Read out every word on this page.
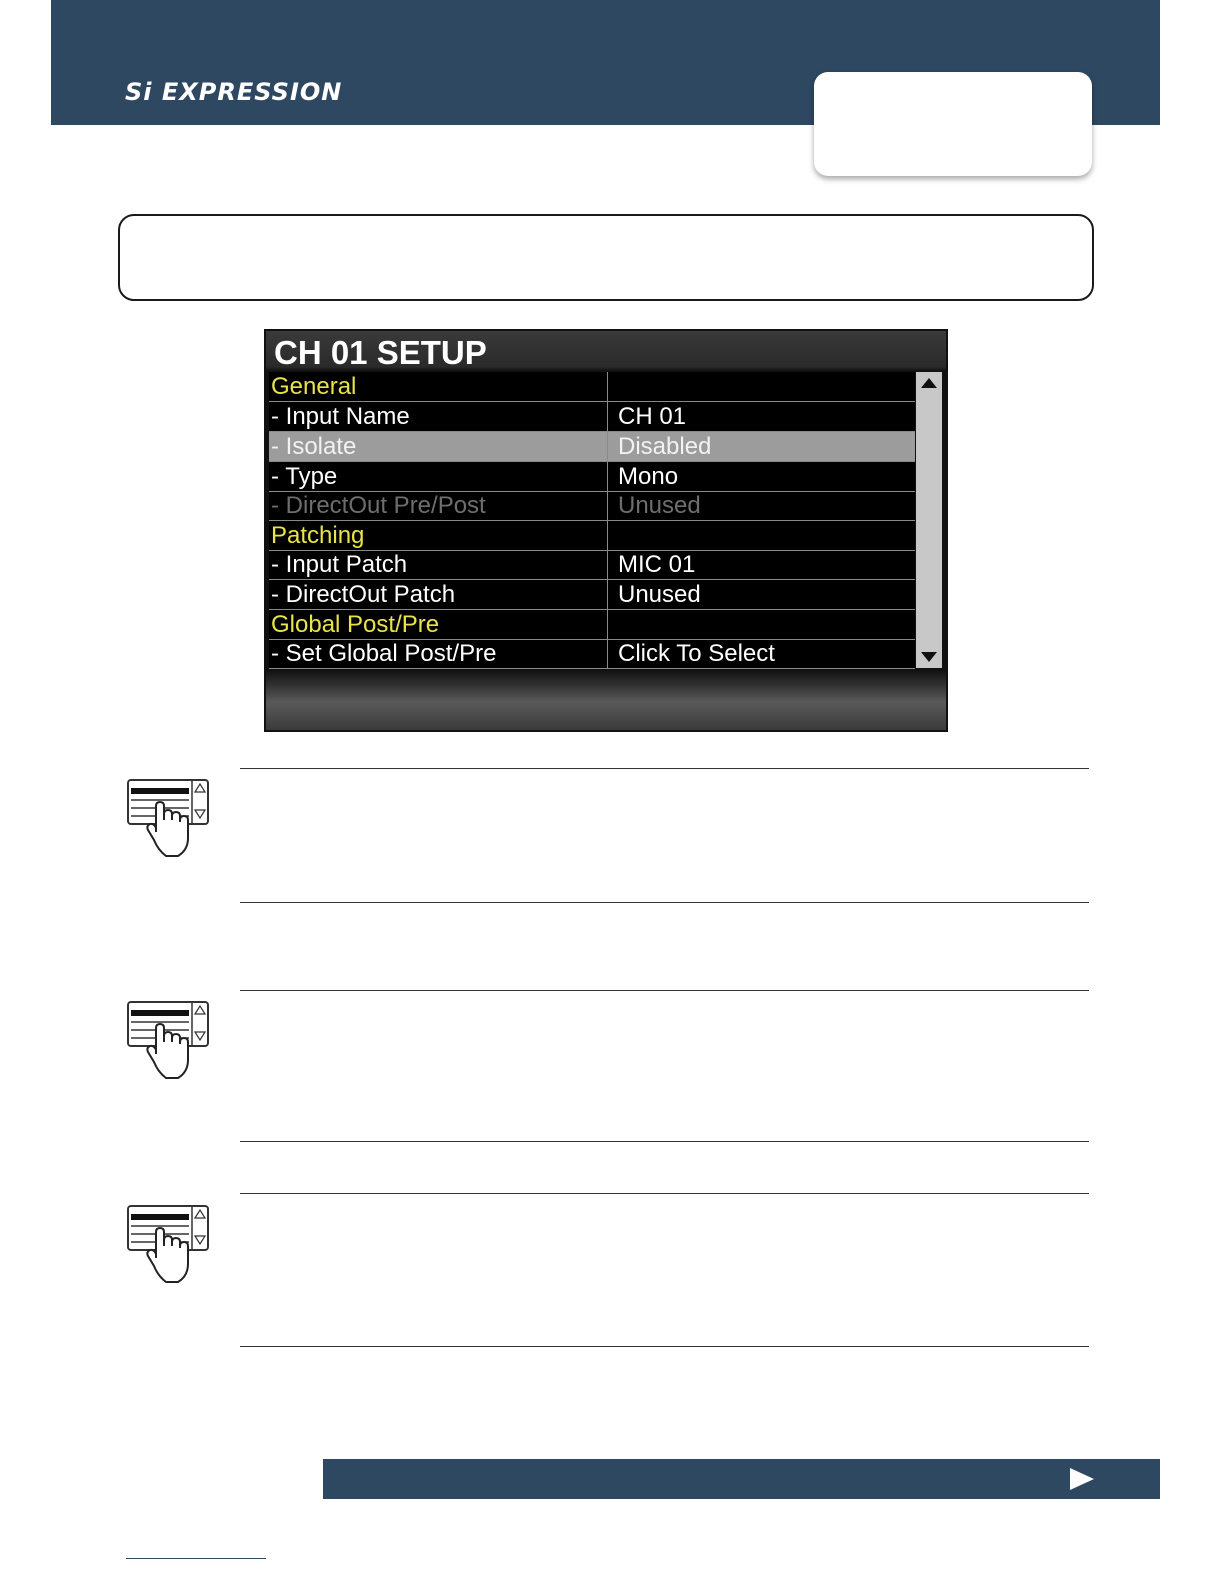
Si EXPRESSION
CH 01 SETUP
General
- Input Name	CH 01
- Isolate	Disabled
- Type	Mono
- DirectOut Pre/Post	Unused
Patching
- Input Patch	MIC 01
- DirectOut Patch	Unused
Global Post/Pre
- Set Global Post/Pre	Click To Select
